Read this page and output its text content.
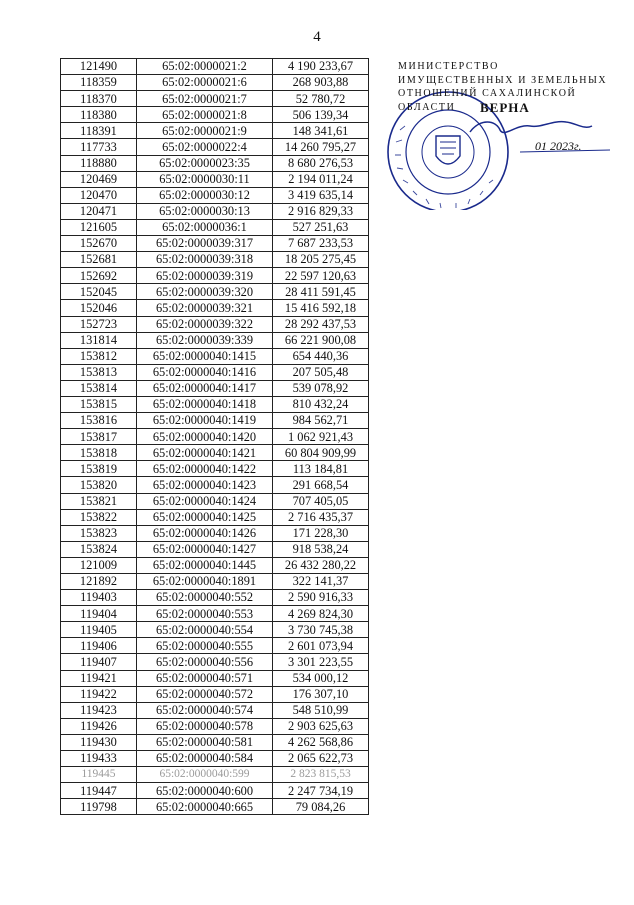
4
121490	65:02:0000021:2	4 190 233,67
118359	65:02:0000021:6	268 903,88
118370	65:02:0000021:7	52 780,72
118380	65:02:0000021:8	506 139,34
118391	65:02:0000021:9	148 341,61
117733	65:02:0000022:4	14 260 795,27
118880	65:02:0000023:35	8 680 276,53
120469	65:02:0000030:11	2 194 011,24
120470	65:02:0000030:12	3 419 635,14
120471	65:02:0000030:13	2 916 829,33
121605	65:02:0000036:1	527 251,63
152670	65:02:0000039:317	7 687 233,53
152681	65:02:0000039:318	18 205 275,45
152692	65:02:0000039:319	22 597 120,63
152045	65:02:0000039:320	28 411 591,45
152046	65:02:0000039:321	15 416 592,18
152723	65:02:0000039:322	28 292 437,53
131814	65:02:0000039:339	66 221 900,08
153812	65:02:0000040:1415	654 440,36
153813	65:02:0000040:1416	207 505,48
153814	65:02:0000040:1417	539 078,92
153815	65:02:0000040:1418	810 432,24
153816	65:02:0000040:1419	984 562,71
153817	65:02:0000040:1420	1 062 921,43
153818	65:02:0000040:1421	60 804 909,99
153819	65:02:0000040:1422	113 184,81
153820	65:02:0000040:1423	291 668,54
153821	65:02:0000040:1424	707 405,05
153822	65:02:0000040:1425	2 716 435,37
153823	65:02:0000040:1426	171 228,30
153824	65:02:0000040:1427	918 538,24
121009	65:02:0000040:1445	26 432 280,22
121892	65:02:0000040:1891	322 141,37
119403	65:02:0000040:552	2 590 916,33
119404	65:02:0000040:553	4 269 824,30
119405	65:02:0000040:554	3 730 745,38
119406	65:02:0000040:555	2 601 073,94
119407	65:02:0000040:556	3 301 223,55
119421	65:02:0000040:571	534 000,12
119422	65:02:0000040:572	176 307,10
119423	65:02:0000040:574	548 510,99
119426	65:02:0000040:578	2 903 625,63
119430	65:02:0000040:581	4 262 568,86
119433	65:02:0000040:584	2 065 622,73
119445	65:02:0000040:599	2 823 815,53
119447	65:02:0000040:600	2 247 734,19
119798	65:02:0000040:665	79 084,26
МИНИСТЕРСТВО ИМУЩЕСТВЕННЫХ И ЗЕМЕЛЬНЫХ ОТНОШЕНИЙ САХАЛИНСКОЙ ОБЛАСТИ	ВЕРНА
01 2023г.
